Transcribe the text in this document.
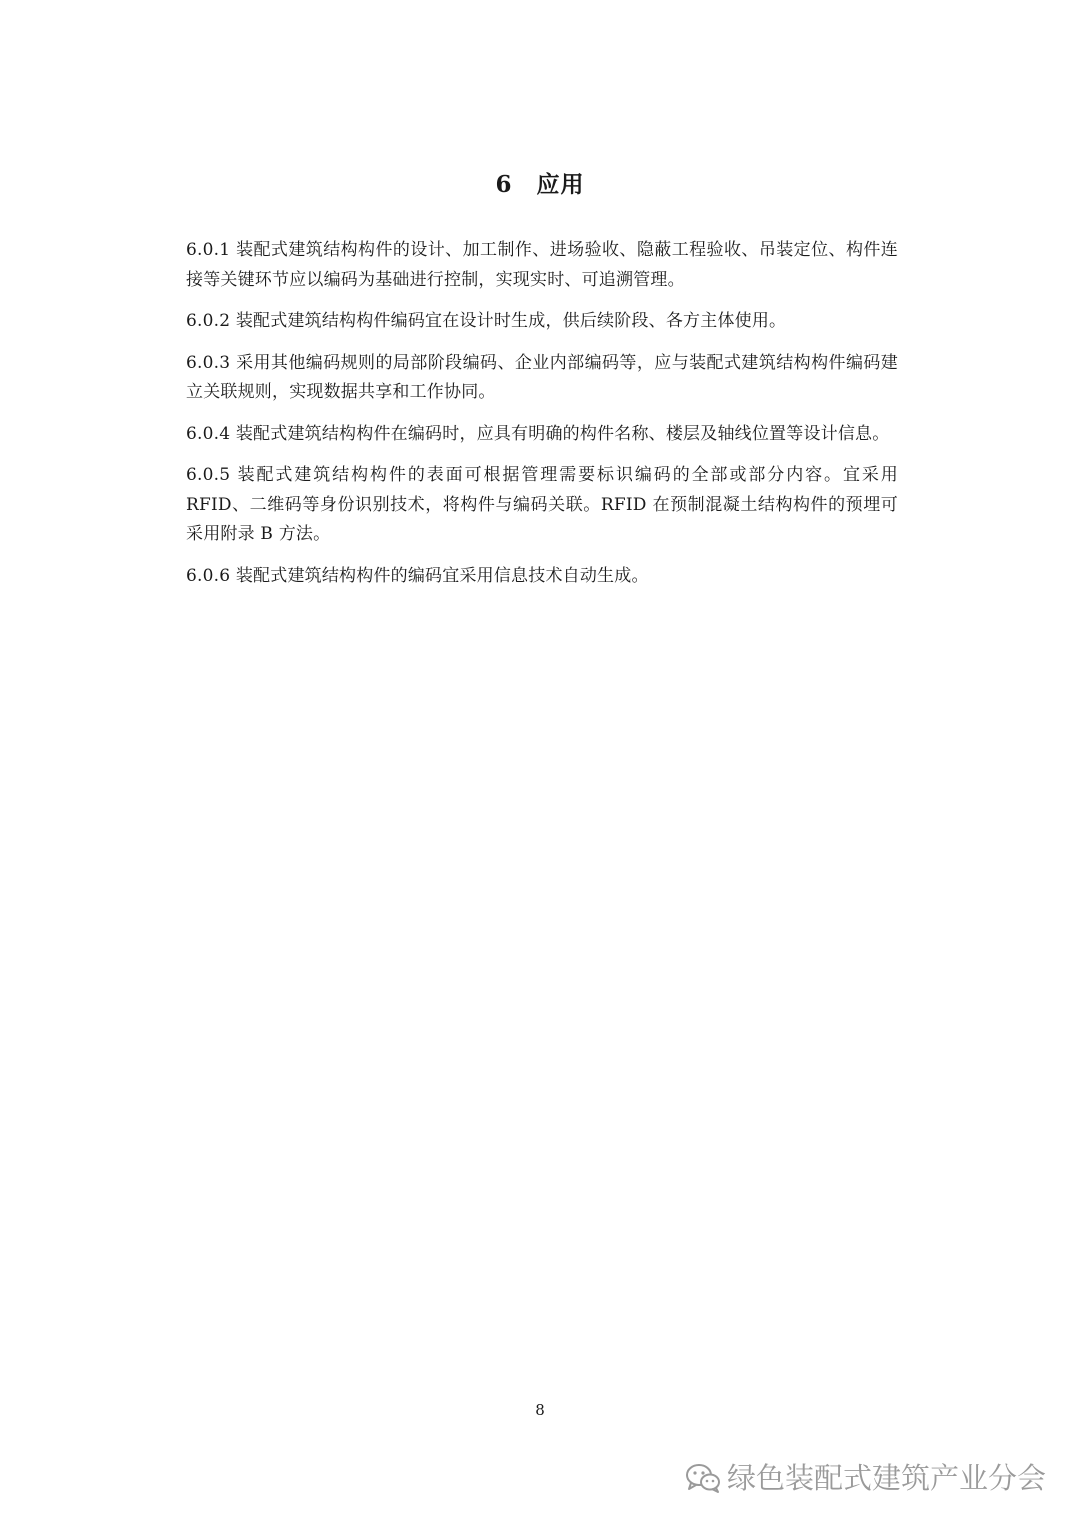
6 应用

6.0.1 装配式建筑结构构件的设计、加工制作、进场验收、隐蔽工程验收、吊装定位、构件连接等关键环节应以编码为基础进行控制，实现实时、可追溯管理。

6.0.2 装配式建筑结构构件编码宜在设计时生成，供后续阶段、各方主体使用。

6.0.3 采用其他编码规则的局部阶段编码、企业内部编码等，应与装配式建筑结构构件编码建立关联规则，实现数据共享和工作协同。

6.0.4 装配式建筑结构构件在编码时，应具有明确的构件名称、楼层及轴线位置等设计信息。

6.0.5 装配式建筑结构构件的表面可根据管理需要标识编码的全部或部分内容。宜采用RFID、二维码等身份识别技术，将构件与编码关联。RFID 在预制混凝土结构构件的预埋可采用附录 B 方法。

6.0.6 装配式建筑结构构件的编码宜采用信息技术自动生成。

8
绿色装配式建筑产业分会
